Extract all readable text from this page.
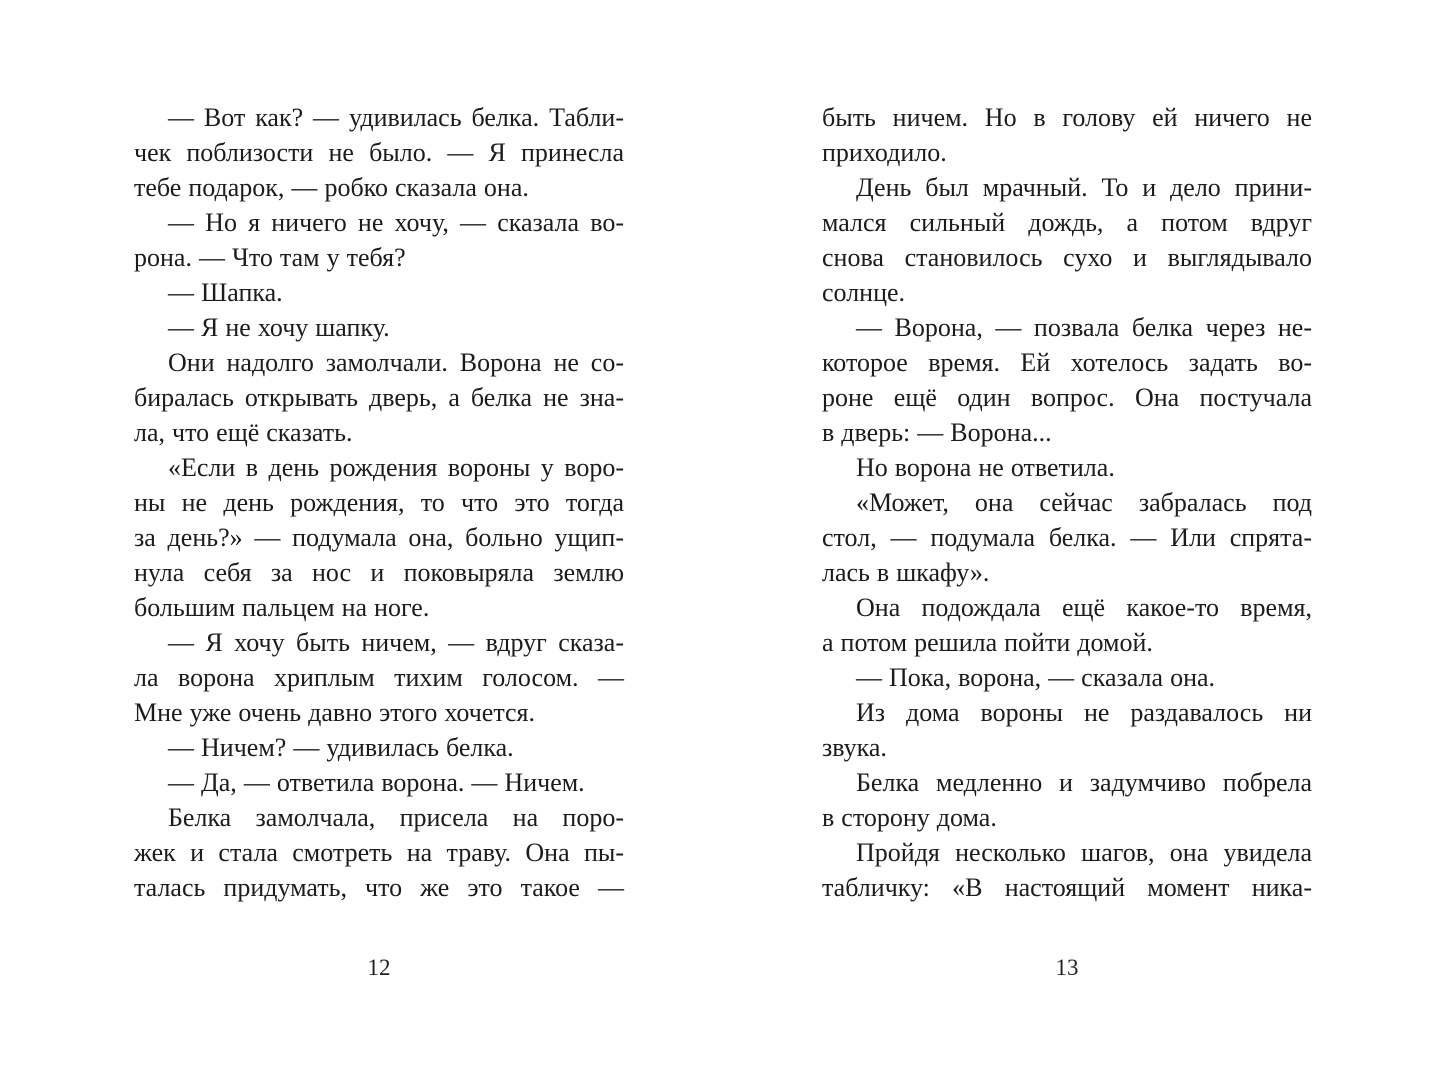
— Вот как? — удивилась белка. Табли-
чек поблизости не было. — Я принесла
тебе подарок, — робко сказала она.
— Но я ничего не хочу, — сказала во-
рона. — Что там у тебя?
— Шапка.
— Я не хочу шапку.
Они надолго замолчали. Ворона не со-
биралась открывать дверь, а белка не зна-
ла, что ещё сказать.
«Если в день рождения вороны у воро-
ны не день рождения, то что это тогда
за день?» — подумала она, больно ущип-
нула себя за нос и поковыряла землю
большим пальцем на ноге.
— Я хочу быть ничем, — вдруг сказа-
ла ворона хриплым тихим голосом. —
Мне уже очень давно этого хочется.
— Ничем? — удивилась белка.
— Да, — ответила ворона. — Ничем.
Белка замолчала, присела на поро-
жек и стала смотреть на траву. Она пы-
талась придумать, что же это такое —
быть ничем. Но в голову ей ничего не
приходило.
День был мрачный. То и дело прини-
мался сильный дождь, а потом вдруг
снова становилось сухо и выглядывало
солнце.
— Ворона, — позвала белка через не-
которое время. Ей хотелось задать во-
роне ещё один вопрос. Она постучала
в дверь: — Ворона...
Но ворона не ответила.
«Может, она сейчас забралась под
стол, — подумала белка. — Или спрята-
лась в шкафу».
Она подождала ещё какое-то время,
а потом решила пойти домой.
— Пока, ворона, — сказала она.
Из дома вороны не раздавалось ни
звука.
Белка медленно и задумчиво побрела
в сторону дома.
Пройдя несколько шагов, она увидела
табличку: «В настоящий момент ника-
12	13
